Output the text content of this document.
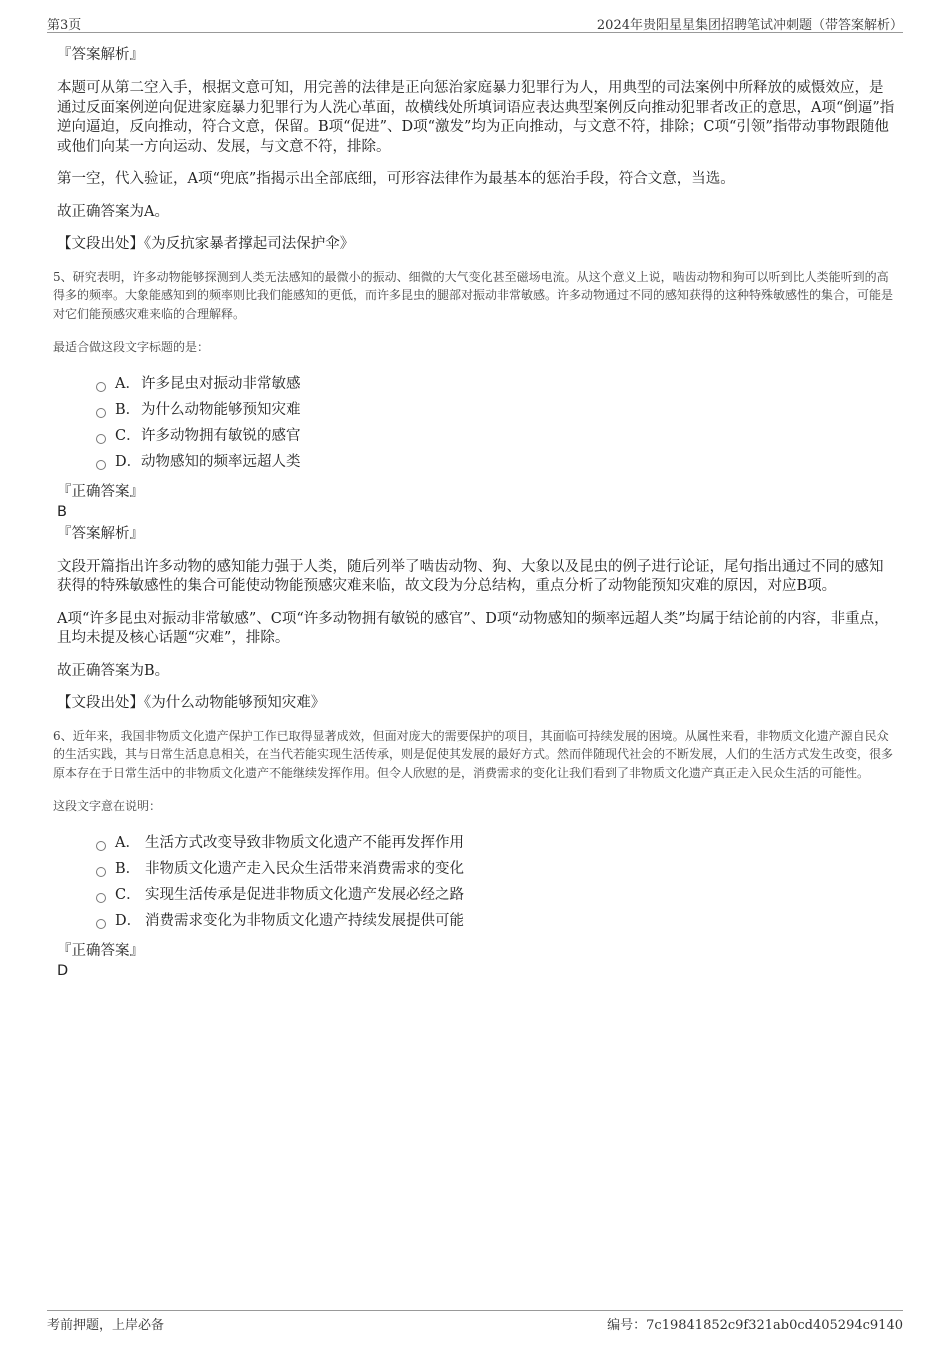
第3页	2024年贵阳星星集团招聘笔试冲刺题（带答案解析）

『答案解析』

本题可从第二空入手，根据文意可知，用完善的法律是正向惩治家庭暴力犯罪行为人，用典型的司法案例中所释放的威慑效应，是通过反面案例逆向促进家庭暴力犯罪行为人洗心革面，故横线处所填词语应表达典型案例反向推动犯罪者改正的意思，A项“倒逼”指逆向逼迫，反向推动，符合文意，保留。B项“促进”、D项“激发”均为正向推动，与文意不符，排除；C项“引领”指带动事物跟随他或他们向某一方向运动、发展，与文意不符，排除。

第一空，代入验证，A项“兜底”指揭示出全部底细，可形容法律作为最基本的惩治手段，符合文意，当选。

故正确答案为A。

【文段出处】《为反抗家暴者撑起司法保护伞》

5、研究表明，许多动物能够探测到人类无法感知的最微小的振动、细微的大气变化甚至磁场电流。从这个意义上说，啮齿动物和狗可以听到比人类能听到的高得多的频率。大象能感知到的频率则比我们能感知的更低，而许多昆虫的腿部对振动非常敏感。许多动物通过不同的感知获得的这种特殊敏感性的集合，可能是对它们能预感灾难来临的合理解释。

最适合做这段文字标题的是：

A． 许多昆虫对振动非常敏感
B． 为什么动物能够预知灾难
C． 许多动物拥有敏锐的感官
D． 动物感知的频率远超人类

『正确答案』

B

『答案解析』

文段开篇指出许多动物的感知能力强于人类，随后列举了啮齿动物、狗、大象以及昆虫的例子进行论证，尾句指出通过不同的感知获得的特殊敏感性的集合可能使动物能预感灾难来临，故文段为分总结构，重点分析了动物能预知灾难的原因，对应B项。

A项“许多昆虫对振动非常敏感”、C项“许多动物拥有敏锐的感官”、D项“动物感知的频率远超人类”均属于结论前的内容，非重点，且均未提及核心话题“灾难”，排除。

故正确答案为B。

【文段出处】《为什么动物能够预知灾难》

6、近年来，我国非物质文化遗产保护工作已取得显著成效，但面对庞大的需要保护的项目，其面临可持续发展的困境。从属性来看，非物质文化遗产源自民众的生活实践，其与日常生活息息相关，在当代若能实现生活传承，则是促使其发展的最好方式。然而伴随现代社会的不断发展，人们的生活方式发生改变，很多原本存在于日常生活中的非物质文化遗产不能继续发挥作用。但令人欣慰的是，消费需求的变化让我们看到了非物质文化遗产真正走入民众生活的可能性。

这段文字意在说明：

A． 生活方式改变导致非物质文化遗产不能再发挥作用
B． 非物质文化遗产走入民众生活带来消费需求的变化
C． 实现生活传承是促进非物质文化遗产发展必经之路
D． 消费需求变化为非物质文化遗产持续发展提供可能

『正确答案』

D

考前押题，上岸必备	编号：7c19841852c9f321ab0cd405294c9140
